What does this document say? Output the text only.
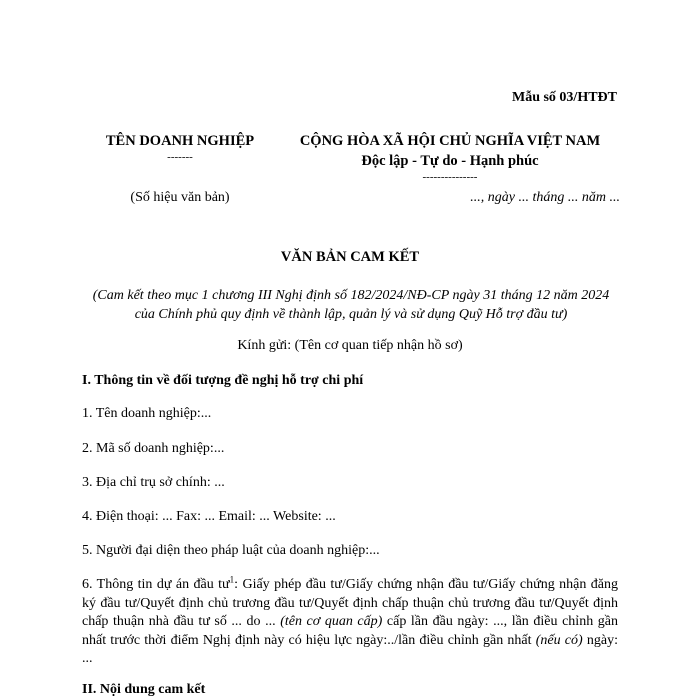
Mẫu số 03/HTĐT
TÊN DOANH NGHIỆP
-------
CỘNG HÒA XÃ HỘI CHỦ NGHĨA VIỆT NAM
Độc lập - Tự do - Hạnh phúc
---------------
(Số hiệu văn bản)	..., ngày ... tháng ... năm ...
VĂN BẢN CAM KẾT
(Cam kết theo mục 1 chương III Nghị định số 182/2024/NĐ-CP ngày 31 tháng 12 năm 2024 của Chính phủ quy định về thành lập, quản lý và sử dụng Quỹ Hỗ trợ đầu tư)
Kính gửi: (Tên cơ quan tiếp nhận hồ sơ)
I. Thông tin về đối tượng đề nghị hỗ trợ chi phí
1. Tên doanh nghiệp:...
2. Mã số doanh nghiệp:...
3. Địa chỉ trụ sở chính: ...
4. Điện thoại: ... Fax: ... Email: ... Website: ...
5. Người đại diện theo pháp luật của doanh nghiệp:...
6. Thông tin dự án đầu $tư^1$: Giấy phép đầu tư/Giấy chứng nhận đầu tư/Giấy chứng nhận đăng ký đầu tư/Quyết định chủ trương đầu tư/Quyết định chấp thuận chủ trương đầu tư/Quyết định chấp thuận nhà đầu tư số ... do ... (tên cơ quan cấp) cấp lần đầu ngày: ..., lần điều chỉnh gần nhất trước thời điểm Nghị định này có hiệu lực ngày:../lần điều chỉnh gần nhất (nếu có) ngày: ...
II. Nội dung cam kết
